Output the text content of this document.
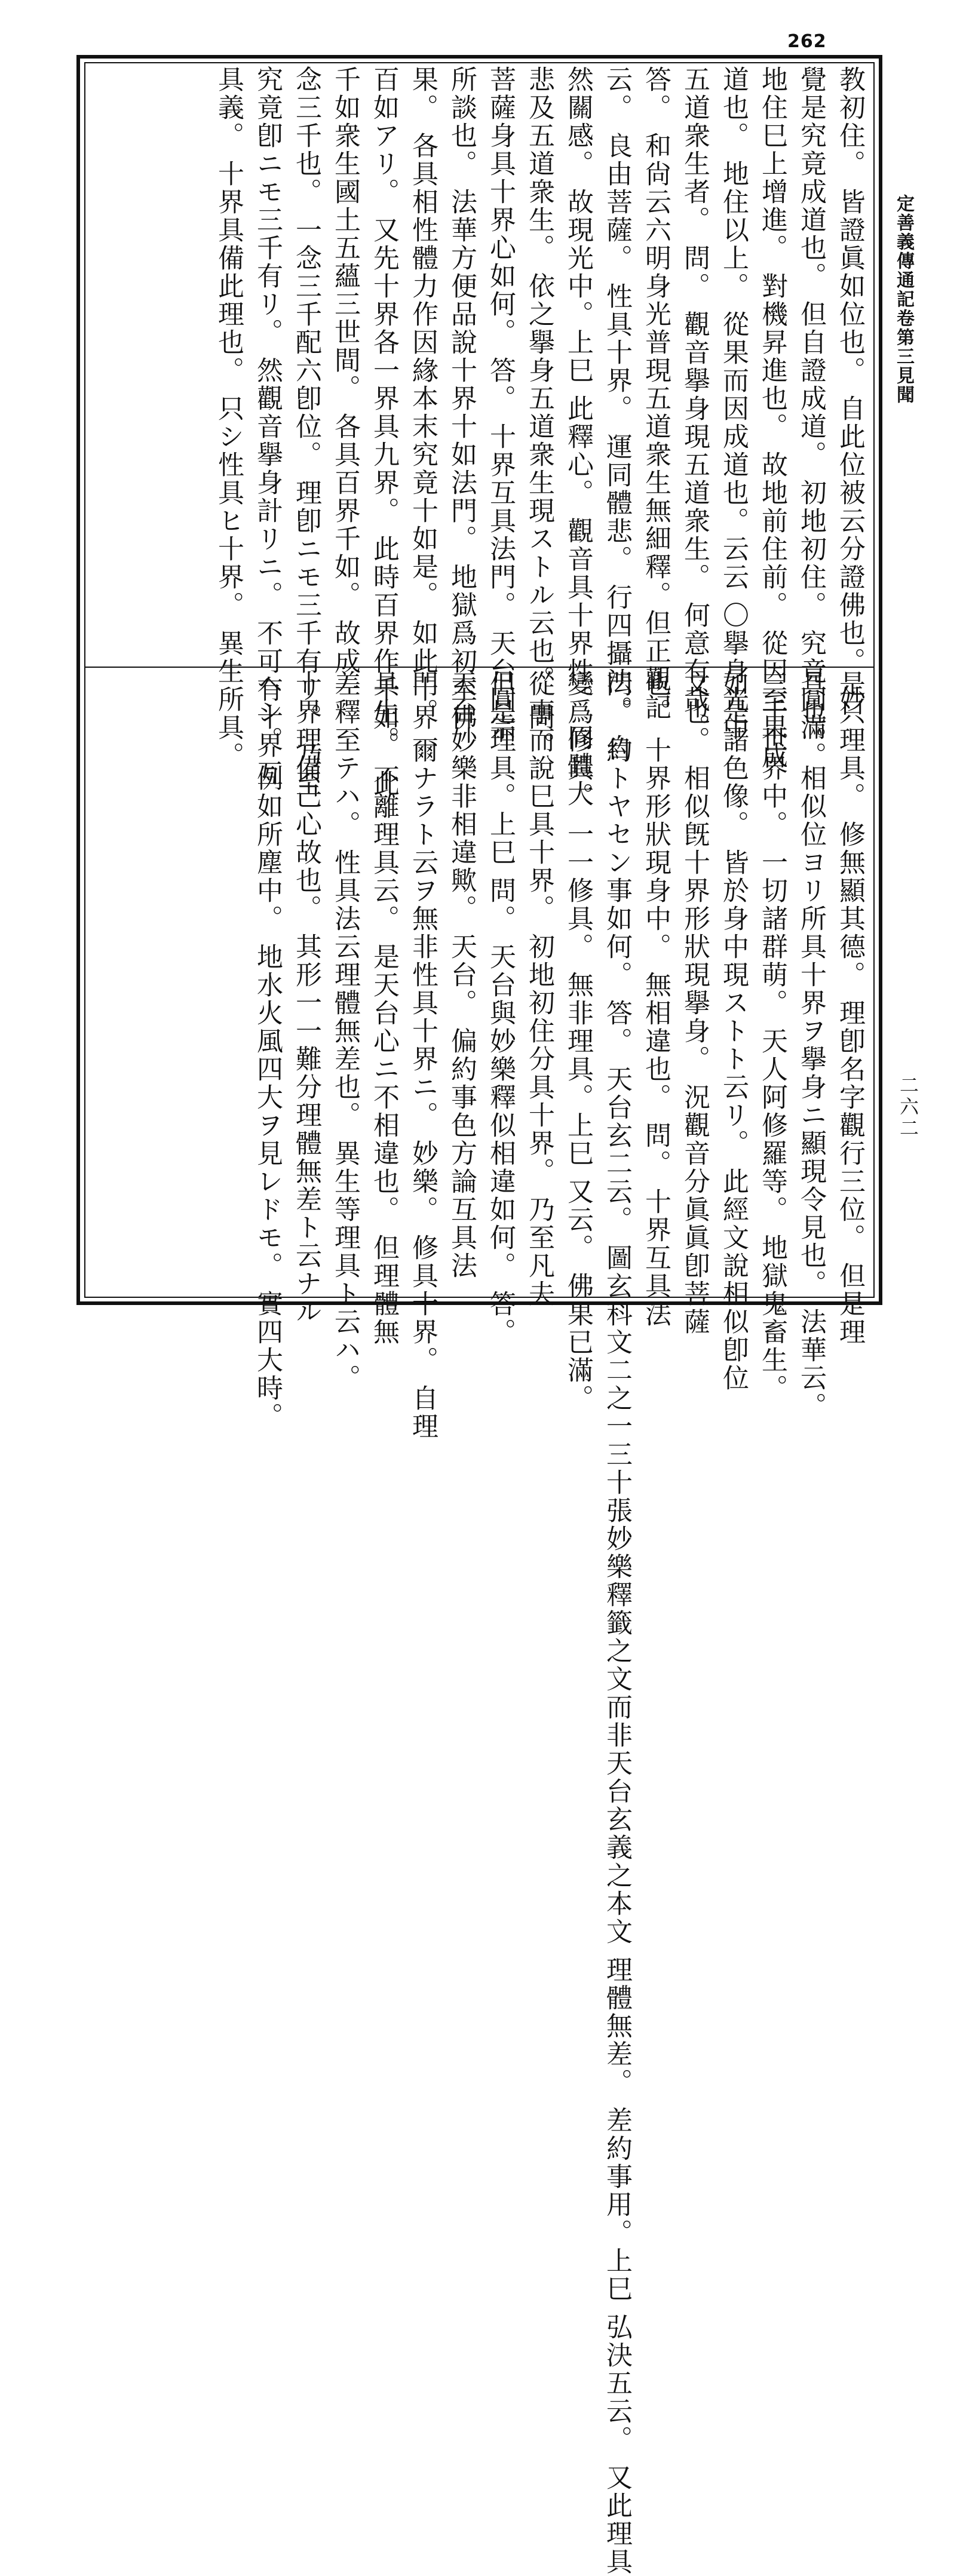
262
定善義傳通記卷第三見聞
二六二
教初住。 皆證眞如位也。 自此位被云分證佛也。 妙
覺是究竟成道也。 但自證成道。 初地初住。 究竟圓滿。
地住巳上增進。 對機昇進也。 故地前住前。 從因至果成
道也。 地住以上。 從果而因成道也。云云 〇擧身光中
五道衆生者。 問。 觀音擧身現五道衆生。 何意有哉。
答。 和尙云六明身光普現五道衆生無細釋。但正觀記
云。 良由菩薩。 性具十界。 運同體悲。 行四攝法。 自
然關感。 故現光中。上巳 此釋心。 觀音具十界性。 同體大
悲及五道衆生。 依之擧身五道衆生現ストル云也。 問。
菩薩身具十界心如何。 答。 十界互具法門。 天台圓宗
所談也。 法華方便品說十界十如法門。 地獄爲初至佛
果。 各具相性體力作因緣本末究竟十如是。 如此十界
百如アリ。 又先十界各一界具九界。 此時百界作千如。 此
千如衆生國土五蘊三世間。 各具百界千如。 故成一
念三千也。 一念三千配六卽位。 理卽ニモ三千有リ。 乃至
究竟卽ニモ三千有リ。 然觀音擧身計リニ。 不可有十界互
具義。 十界具備此理也。 只シ性具ヒ十界。 異生所具。
是只理具。 修無顯其德。 理卽名字觀行三位。 但是理
具也。 相似位ヨリ所具十界ヲ擧身ニ顯現令見也。 法華云。
三千世界中。 一切諸群萌。 天人阿修羅等。 地獄鬼畜生。
如是諸色像。 皆於身中現ストト云リ。 此經文說相似卽位
文也。 相似旣十界形狀現擧身。 況觀音分眞眞卽菩薩
也。 十界形狀現身中。 無相違也。 問。 十界互具法
門。 約トヤセン事如何。 答。 天台玄二云。 圖玄科文二之一三十張妙樂釋籤之文而非天台玄義之本文 理體無差。 差約事用。上巳 弘決五云。 又此理具
變爲修具。 一一修具。 無非理具。上巳 又云。 佛果已滿。
從事而說巳具十界。 初地初住分具十界。 乃至凡夫
但是理具。上巳 問。 天台與妙樂釋似相違如何。 答。
天台妙樂非相違歟。 天台。 偏約事色方論互具法
門。 爾ナラト云ヲ無非性具十界ニ。 妙樂。 修具十界。 自理
具生。 不離理具云。 是天台心ニ不相違也。 但理體無
差釋至テハ。 性具法云理體無差也。 異生等理具ト云ハ。
十界理備己心故也。 其形一一難分理體無差ト云ナル
ヘシ。 例如所塵中。 地水火風四大ヲ見レドモ。 實四大時。
